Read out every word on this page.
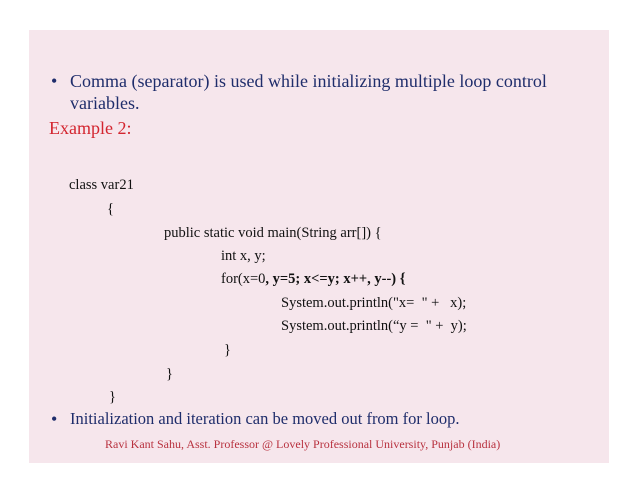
• Comma (separator) is used while initializing multiple loop control variables.
Example 2:
class var21
{
public static void main(String arr[]) {
int x, y;
for(x=0, y=5; x<=y; x++, y--) {
System.out.println("x=  " +   x);
System.out.println(“y =  " +  y);
}
}
}
• Initialization and iteration can be moved out from for loop.
Ravi Kant Sahu, Asst. Professor @ Lovely Professional University, Punjab (India)
